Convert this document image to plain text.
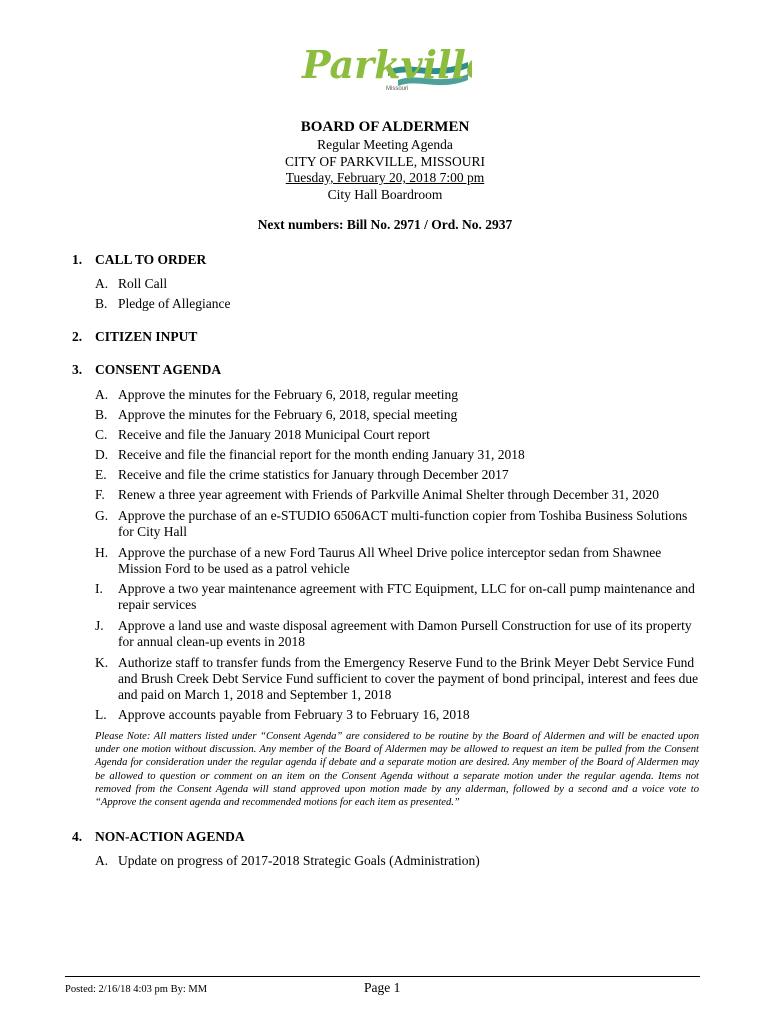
Parkville
Missouri
BOARD OF ALDERMEN
Regular Meeting Agenda
CITY OF PARKVILLE, MISSOURI
Tuesday, February 20, 2018 7:00 pm
City Hall Boardroom
Next numbers: Bill No. 2971 / Ord. No. 2937
1. CALL TO ORDER
A. Roll Call
B. Pledge of Allegiance
2. CITIZEN INPUT
3. CONSENT AGENDA
A. Approve the minutes for the February 6, 2018, regular meeting
B. Approve the minutes for the February 6, 2018, special meeting
C. Receive and file the January 2018 Municipal Court report
D. Receive and file the financial report for the month ending January 31, 2018
E. Receive and file the crime statistics for January through December 2017
F. Renew a three year agreement with Friends of Parkville Animal Shelter through December 31, 2020
G. Approve the purchase of an e-STUDIO 6506ACT multi-function copier from Toshiba Business Solutions for City Hall
H. Approve the purchase of a new Ford Taurus All Wheel Drive police interceptor sedan from Shawnee Mission Ford to be used as a patrol vehicle
I.	Approve a two year maintenance agreement with FTC Equipment, LLC for on-call pump maintenance and repair services
J.	Approve a land use and waste disposal agreement with Damon Pursell Construction for use of its property for annual clean-up events in 2018
K. Authorize staff to transfer funds from the Emergency Reserve Fund to the Brink Meyer Debt Service Fund and Brush Creek Debt Service Fund sufficient to cover the payment of bond principal, interest and fees due and paid on March 1, 2018 and September 1, 2018
L. Approve accounts payable from February 3 to February 16, 2018
Please Note: All matters listed under “Consent Agenda” are considered to be routine by the Board of Aldermen and will be enacted upon under one motion without discussion. Any member of the Board of Aldermen may be allowed to request an item be pulled from the Consent Agenda for consideration under the regular agenda if debate and a separate motion are desired. Any member of the Board of Aldermen may be allowed to question or comment on an item on the Consent Agenda without a separate motion under the regular agenda. Items not removed from the Consent Agenda will stand approved upon motion made by any alderman, followed by a second and a voice vote to “Approve the consent agenda and recommended motions for each item as presented.”
4. NON-ACTION AGENDA
A. Update on progress of 2017-2018 Strategic Goals (Administration)
Posted: 2/16/18 4:03 pm By: MM	Page 1
